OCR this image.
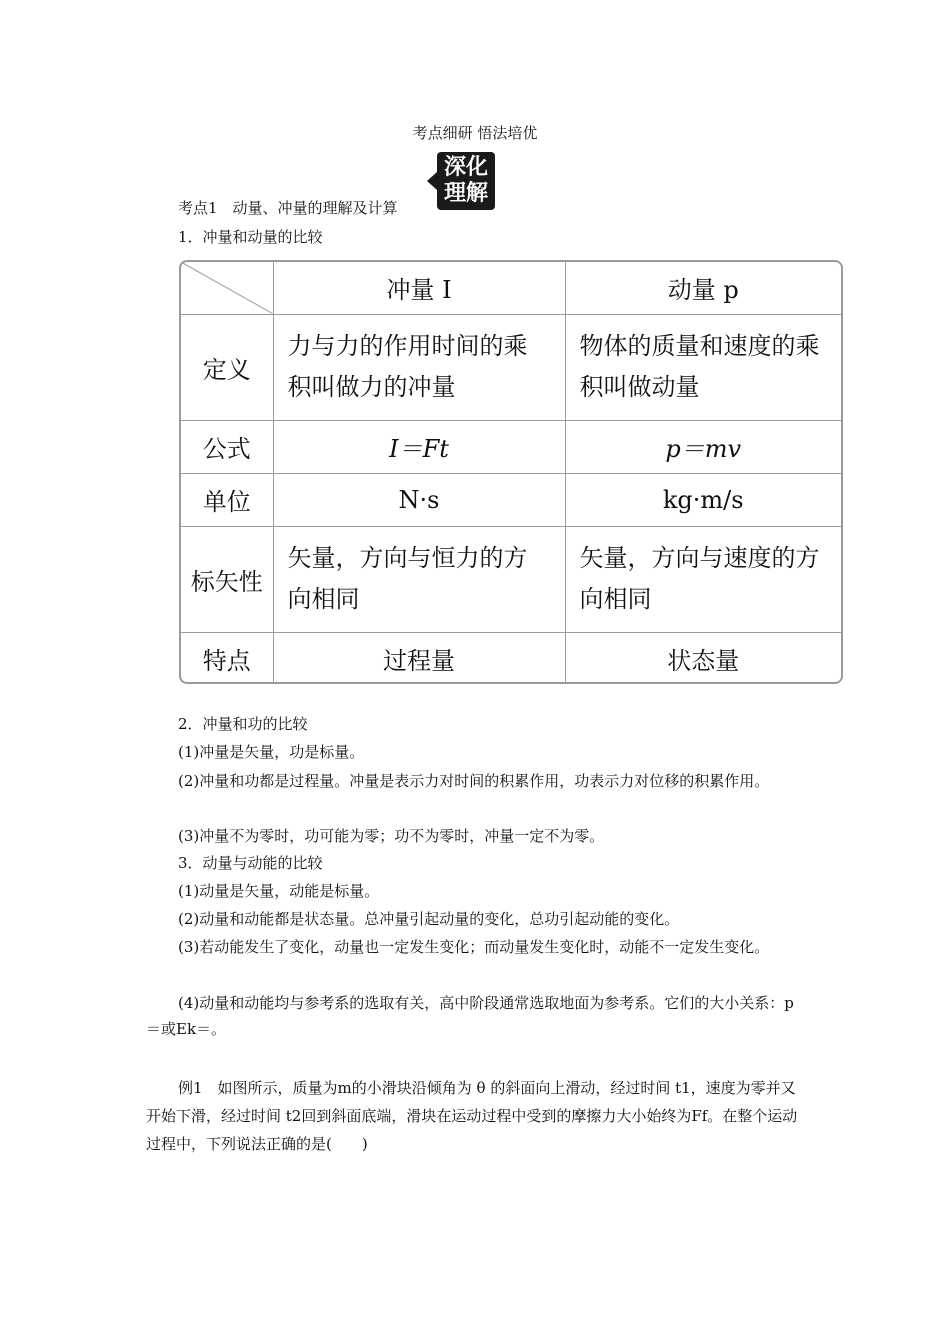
考点细研 悟法培优
深化
理解
考点1　动量、冲量的理解及计算
1．冲量和动量的比较
	冲量 I	动量 p
定义	力与力的作用时间的乘积叫做力的冲量	物体的质量和速度的乘积叫做动量
公式	I＝Ft	p＝mv
单位	N·s	kg·m/s
标矢性	矢量，方向与恒力的方向相同	矢量，方向与速度的方向相同
特点	过程量	状态量
2．冲量和功的比较
(1)冲量是矢量，功是标量。
(2)冲量和功都是过程量。冲量是表示力对时间的积累作用，功表示力对位移的积累作用。
(3)冲量不为零时，功可能为零；功不为零时，冲量一定不为零。
3．动量与动能的比较
(1)动量是矢量，动能是标量。
(2)动量和动能都是状态量。总冲量引起动量的变化，总功引起动能的变化。
(3)若动能发生了变化，动量也一定发生变化；而动量发生变化时，动能不一定发生变化。
(4)动量和动能均与参考系的选取有关，高中阶段通常选取地面为参考系。它们的大小关系：p＝或Ek＝。
例1　如图所示，质量为m的小滑块沿倾角为 θ 的斜面向上滑动，经过时间 t1，速度为零并又开始下滑，经过时间 t2回到斜面底端，滑块在运动过程中受到的摩擦力大小始终为Ff。在整个运动过程中，下列说法正确的是(　　)
